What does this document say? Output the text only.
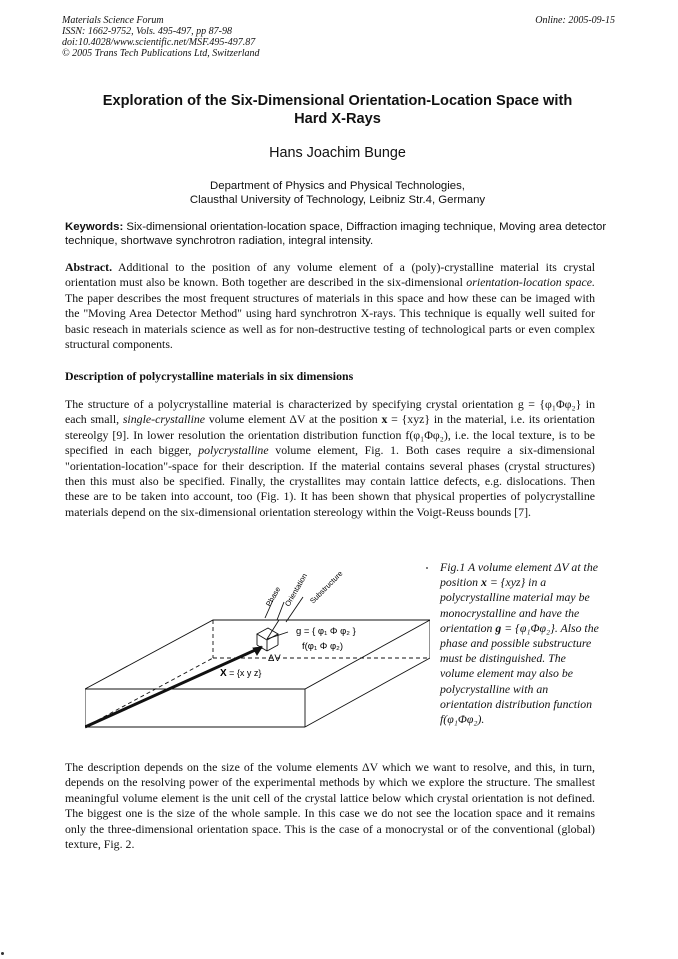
Materials Science Forum
ISSN: 1662-9752, Vols. 495-497, pp 87-98
doi:10.4028/www.scientific.net/MSF.495-497.87
© 2005 Trans Tech Publications Ltd, Switzerland
Online: 2005-09-15
Exploration of the Six-Dimensional Orientation-Location Space with
Hard X-Rays
Hans Joachim Bunge
Department of Physics and Physical Technologies,
Clausthal University of Technology, Leibniz Str.4, Germany
Keywords: Six-dimensional orientation-location space, Diffraction imaging technique, Moving area detector technique, shortwave synchrotron radiation, integral intensity.
Abstract. Additional to the position of any volume element of a (poly)-crystalline material its crystal orientation must also be known. Both together are described in the six-dimensional orientation-location space. The paper describes the most frequent structures of materials in this space and how these can be imaged with the "Moving Area Detector Method" using hard synchrotron X-rays. This technique is equally well suited for basic reseach in materials science as well as for non-destructive testing of technological parts or even complex structural components.
Description of polycrystalline materials in six dimensions
The structure of a polycrystalline material is characterized by specifying crystal orientation g = {φ₁Φφ₂} in each small, single-crystalline volume element ΔV at the position x = {xyz} in the material, i.e. its orientation stereolgy [9]. In lower resolution the orientation distribution function f(φ₁Φφ₂), i.e. the local texture, is to be specified in each bigger, polycrystalline volume element, Fig. 1. Both cases require a six-dimensional "orientation-location"-space for their description. If the material contains several phases (crystal structures) then this must also be specified. Finally, the crystallites may contain lattice defects, e.g. dislocations. Then these are to be taken into account, too (Fig. 1). It has been shown that physical properties of polycrystalline materials depend on the six-dimensional orientation stereology within the Voigt-Reuss bounds [7].
Phase Orientation
Substructure
g = { φ₁ Φ φ₂ }
f(φ₁ Φ φ₂)
ΔV
X = {x y z}
Fig.1 A volume element ΔV at the position x = {xyz} in a polycrystalline material may be monocrystalline and have the orientation g = {φ₁Φφ₂}. Also the phase and possible substructure must be distinguished. The volume element may also be polycrystalline with an orientation distribution function f(φ₁Φφ₂).
The description depends on the size of the volume elements ΔV which we want to resolve, and this, in turn, depends on the resolving power of the experimental methods by which we explore the structure. The smallest meaningful volume element is the unit cell of the crystal lattice below which crystal orientation is not defined. The biggest one is the size of the whole sample. In this case we do not see the location space and it remains only the three-dimensional orientation space. This is the case of a monocrystal or of the conventional (global) texture, Fig. 2.
